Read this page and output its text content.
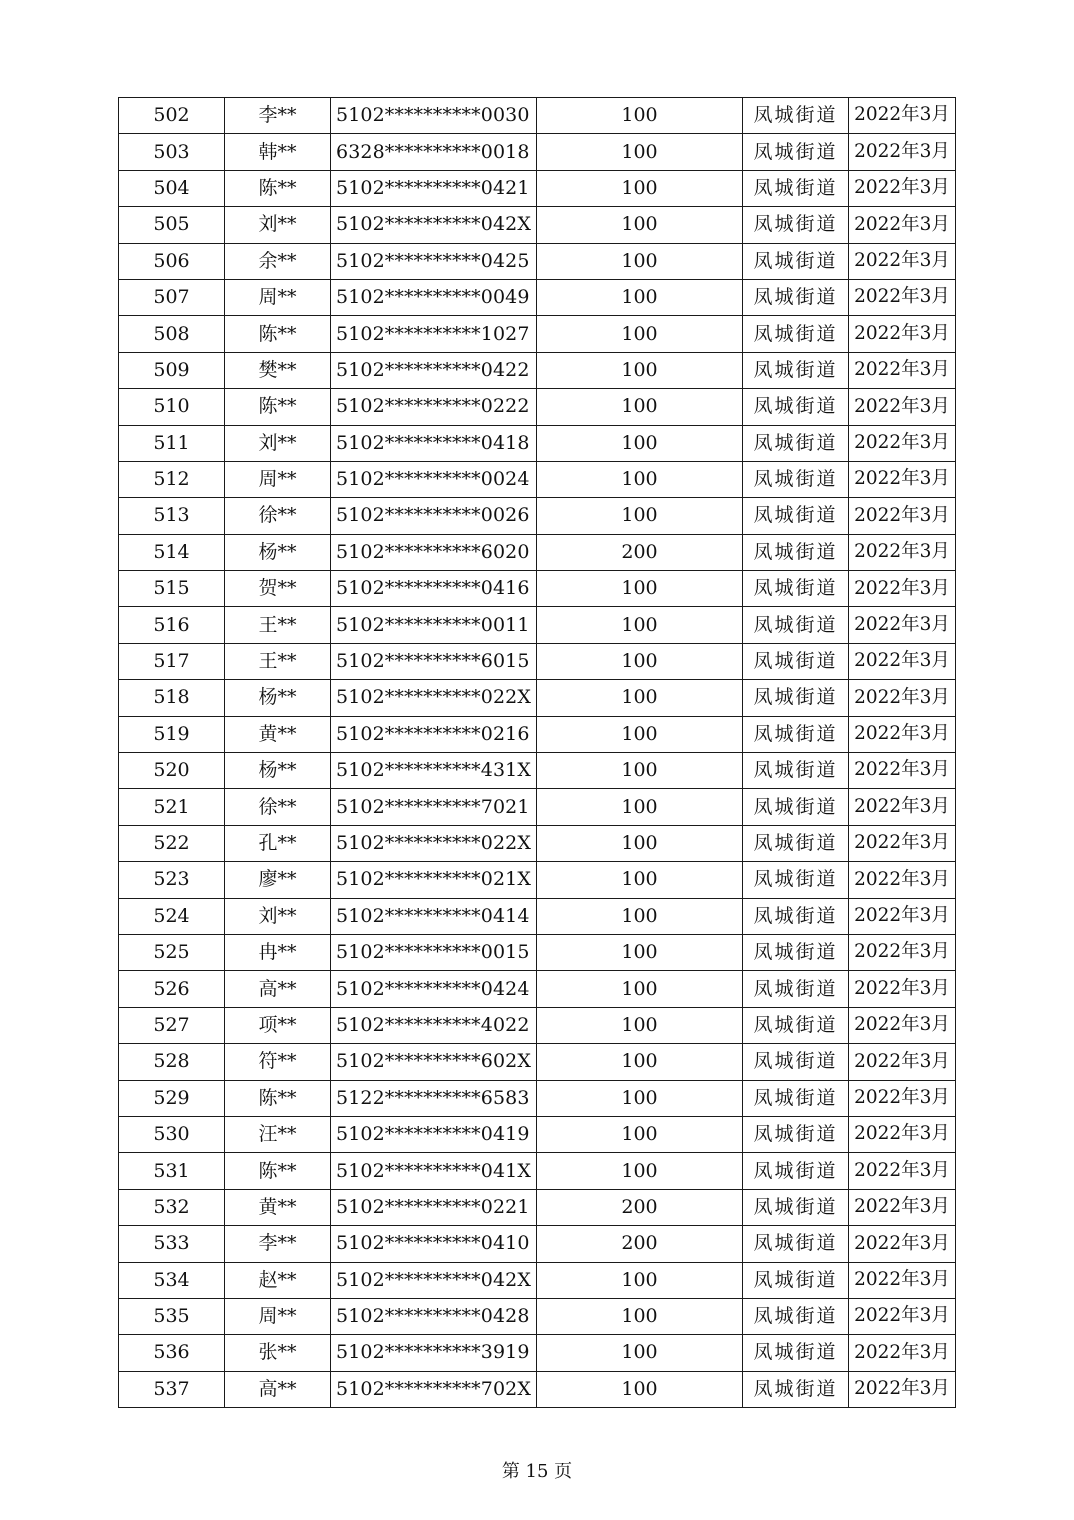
502	李**	5102**********0030	100	凤城街道	2022年3月
503	韩**	6328**********0018	100	凤城街道	2022年3月
504	陈**	5102**********0421	100	凤城街道	2022年3月
505	刘**	5102**********042X	100	凤城街道	2022年3月
506	余**	5102**********0425	100	凤城街道	2022年3月
507	周**	5102**********0049	100	凤城街道	2022年3月
508	陈**	5102**********1027	100	凤城街道	2022年3月
509	樊**	5102**********0422	100	凤城街道	2022年3月
510	陈**	5102**********0222	100	凤城街道	2022年3月
511	刘**	5102**********0418	100	凤城街道	2022年3月
512	周**	5102**********0024	100	凤城街道	2022年3月
513	徐**	5102**********0026	100	凤城街道	2022年3月
514	杨**	5102**********6020	200	凤城街道	2022年3月
515	贺**	5102**********0416	100	凤城街道	2022年3月
516	王**	5102**********0011	100	凤城街道	2022年3月
517	王**	5102**********6015	100	凤城街道	2022年3月
518	杨**	5102**********022X	100	凤城街道	2022年3月
519	黄**	5102**********0216	100	凤城街道	2022年3月
520	杨**	5102**********431X	100	凤城街道	2022年3月
521	徐**	5102**********7021	100	凤城街道	2022年3月
522	孔**	5102**********022X	100	凤城街道	2022年3月
523	廖**	5102**********021X	100	凤城街道	2022年3月
524	刘**	5102**********0414	100	凤城街道	2022年3月
525	冉**	5102**********0015	100	凤城街道	2022年3月
526	高**	5102**********0424	100	凤城街道	2022年3月
527	项**	5102**********4022	100	凤城街道	2022年3月
528	符**	5102**********602X	100	凤城街道	2022年3月
529	陈**	5122**********6583	100	凤城街道	2022年3月
530	汪**	5102**********0419	100	凤城街道	2022年3月
531	陈**	5102**********041X	100	凤城街道	2022年3月
532	黄**	5102**********0221	200	凤城街道	2022年3月
533	李**	5102**********0410	200	凤城街道	2022年3月
534	赵**	5102**********042X	100	凤城街道	2022年3月
535	周**	5102**********0428	100	凤城街道	2022年3月
536	张**	5102**********3919	100	凤城街道	2022年3月
537	高**	5102**********702X	100	凤城街道	2022年3月
第 15 页
